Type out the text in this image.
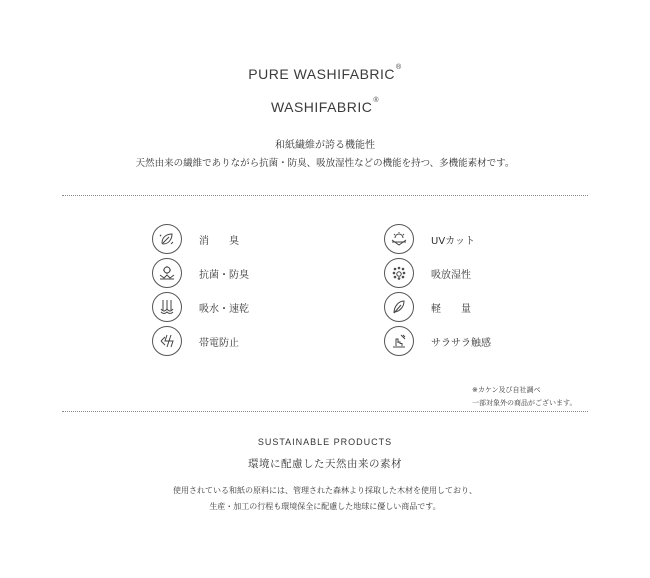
PURE WASHIFABRIC®
WASHIFABRIC®
和紙繊維が誇る機能性
天然由来の繊維でありながら抗菌・防臭、吸放湿性などの機能を持つ、多機能素材です。
消　　臭
抗菌・防臭
吸水・速乾
帯電防止
UVカット
吸放湿性
軽　　量
サラサラ触感
※カケン及び自社調べ
一部対象外の商品がございます。
SUSTAINABLE PRODUCTS
環境に配慮した天然由来の素材
使用されている和紙の原料には、管理された森林より採取した木材を使用しており、
生産・加工の行程も環境保全に配慮した地球に優しい商品です。
